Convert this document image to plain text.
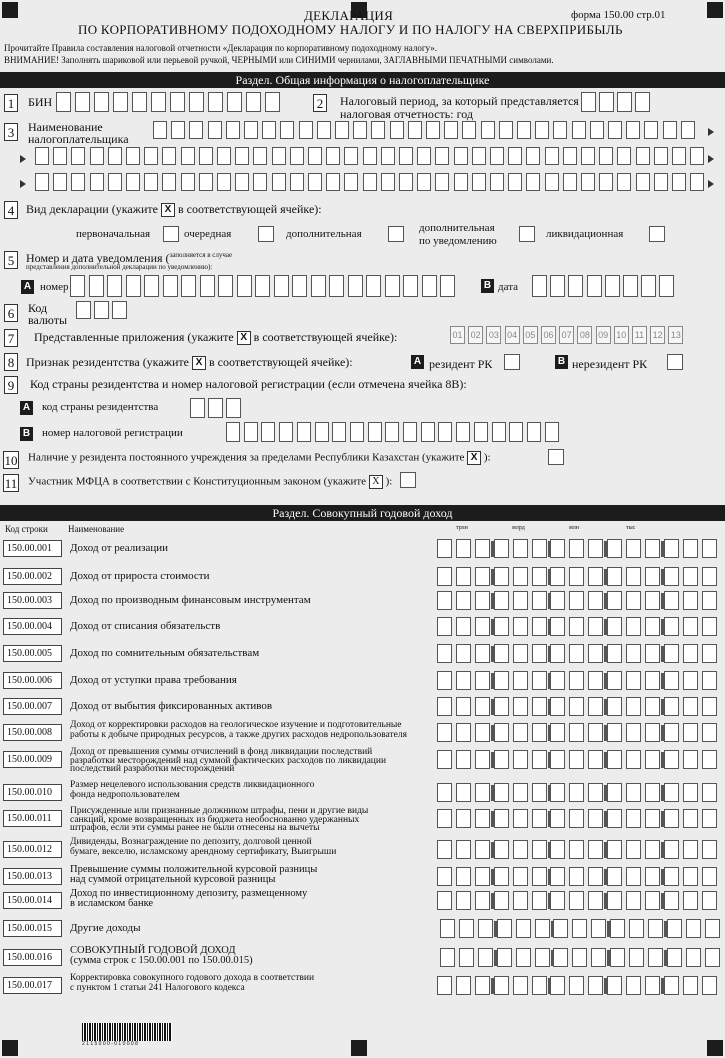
ДЕКЛАРАЦИЯ
ПО КОРПОРАТИВНОМУ ПОДОХОДНОМУ НАЛОГУ И ПО НАЛОГУ НА СВЕРХПРИБЫЛЬ
форма 150.00 стр.01
Прочитайте Правила составления налоговой отчетности «Декларация по корпоративному подоходному налогу».
ВНИМАНИЕ! Заполнять шариковой или перьевой ручкой, ЧЕРНЫМИ или СИНИМИ чернилами, ЗАГЛАВНЫМИ ПЕЧАТНЫМИ символами.
Раздел. Общая информация о налогоплательщике
1	БИН	2	Налоговый период, за который представляется
налоговая отчетность: год
3	Наименование
налогоплательщика
4 Вид декларации (укажите X в соответствующей ячейке):
первоначальная	очередная	дополнительная	дополнительная
по уведомлению
ликвидационная
5 Номер и дата уведомления ($^{заполняется в случае}$
представления дополнительной декларации по уведомлению):
A номер	B дата
6	Код
валюты
7	Представленные приложения (укажите X в соответствующей ячейке):	01 02 03 04 05 06 07 08 09 10 11 12 13
8 Признак резидентства (укажите X в соответствующей ячейке):	A резидент РК	B нерезидент РК
9	Код страны резидентства и номер налоговой регистрации (если отмечена ячейка 8В):
A код страны резидентства
B номер налоговой регистрации
10 Наличие у резидента постоянного учреждения за пределами Республики Казахстан (укажите X ):
11 Участник МФЦА в соответствии с Конституционным законом (укажите X ):
Раздел. Совокупный годовой доход
Код строки Наименование	трлн	млрд	млн	тыс
150.00.001	Доход от реализации
150.00.002	Доход от прироста стоимости
150.00.003	Доход по производным финансовым инструментам
150.00.004	Доход от списания обязательств
150.00.005	Доход по сомнительным обязательствам
150.00.006	Доход от уступки права требования
150.00.007	Доход от выбытия фиксированных активов
150.00.008
Доход от корректировки расходов на геологическое изучение и подготовительные
работы к добыче природных ресурсов, а также других расходов недропользователя
150.00.009
Доход от превышения суммы отчислений в фонд ликвидации последствий
разработки месторождений над суммой фактических расходов по ликвидации
последствий разработки месторождений
150.00.010
Размер нецелевого использования средств ликвидационного
фонда недропользователем
150.00.011
Присужденные или признанные должником штрафы, пени и другие виды
санкций, кроме возвращенных из бюджета необоснованно удержанных
штрафов, если эти суммы ранее не были отнесены на вычеты
150.00.012
Дивиденды, Вознаграждение по депозиту, долговой ценной
бумаге, векселю, исламскому арендному сертификату, Выигрыши
150.00.013
Превышение суммы положительной курсовой разницы
над суммой отрицательной курсовой разницы
150.00.014
Доход по инвестиционному депозиту, размещенному
в исламском банке
150.00.015	Другие доходы
150.00.016
СОВОКУПНЫЙ ГОДОВОЙ ДОХОД
(сумма строк с 150.00.001 по 150.00.015)
150.00.017
Корректировка совокупного годового дохода в соответствии
с пунктом 1 статьи 241 Налогового кодекса
2 1 1 5 0 0 0 - 0 1 0 0 0 8
